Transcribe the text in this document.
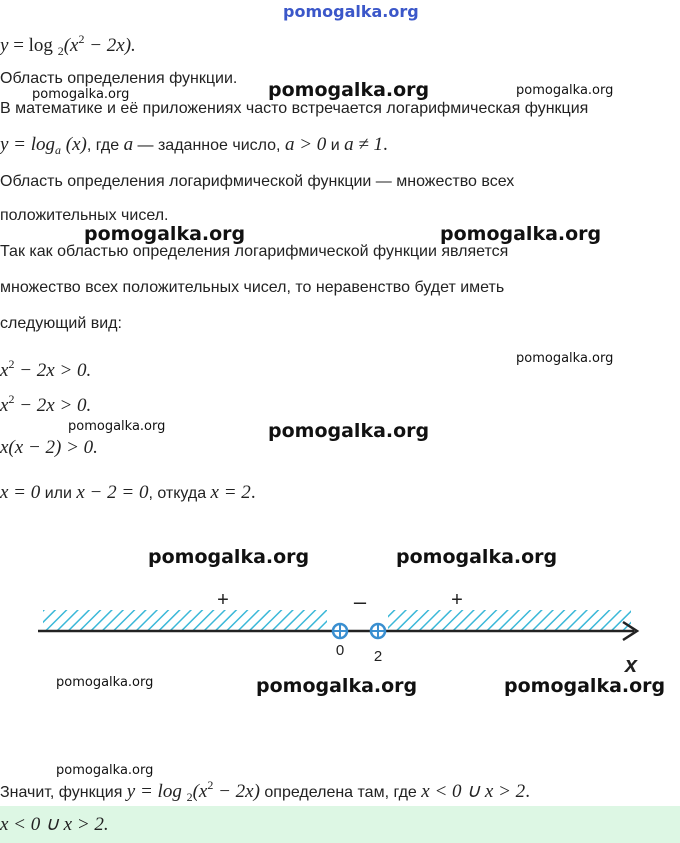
pomogalka.org
$y = \log _2(x^2 - 2x)$.
Область определения функции.
В математике и её приложениях часто встречается логарифмическая функция
$y = \log_a (x)$, где a — заданное число, a > 0 и a ≠ 1.
Область определения логарифмической функции — множество всех
положительных чисел.
Так как областью определения логарифмической функции является
множество всех положительных чисел, то неравенство будет иметь
следующий вид:
$x^2 - 2x > 0$.
$x^2 - 2x > 0$.
x(x − 2) > 0.
x = 0 или x − 2 = 0, откуда x = 2.
+	–	+
0 2	x
Значит, функция $y = \log _2(x^2 - 2x)$ определена там, где x < 0 ∪ x > 2.
x < 0 ∪ x > 2.
pomogalka.org
pomogalka.org	pomogalka.org
pomogalka.org	pomogalka.org
pomogalka.org
pomogalka.org	pomogalka.org
pomogalka.org	pomogalka.org
pomogalka.org	pomogalka.org	pomogalka.org
pomogalka.org
